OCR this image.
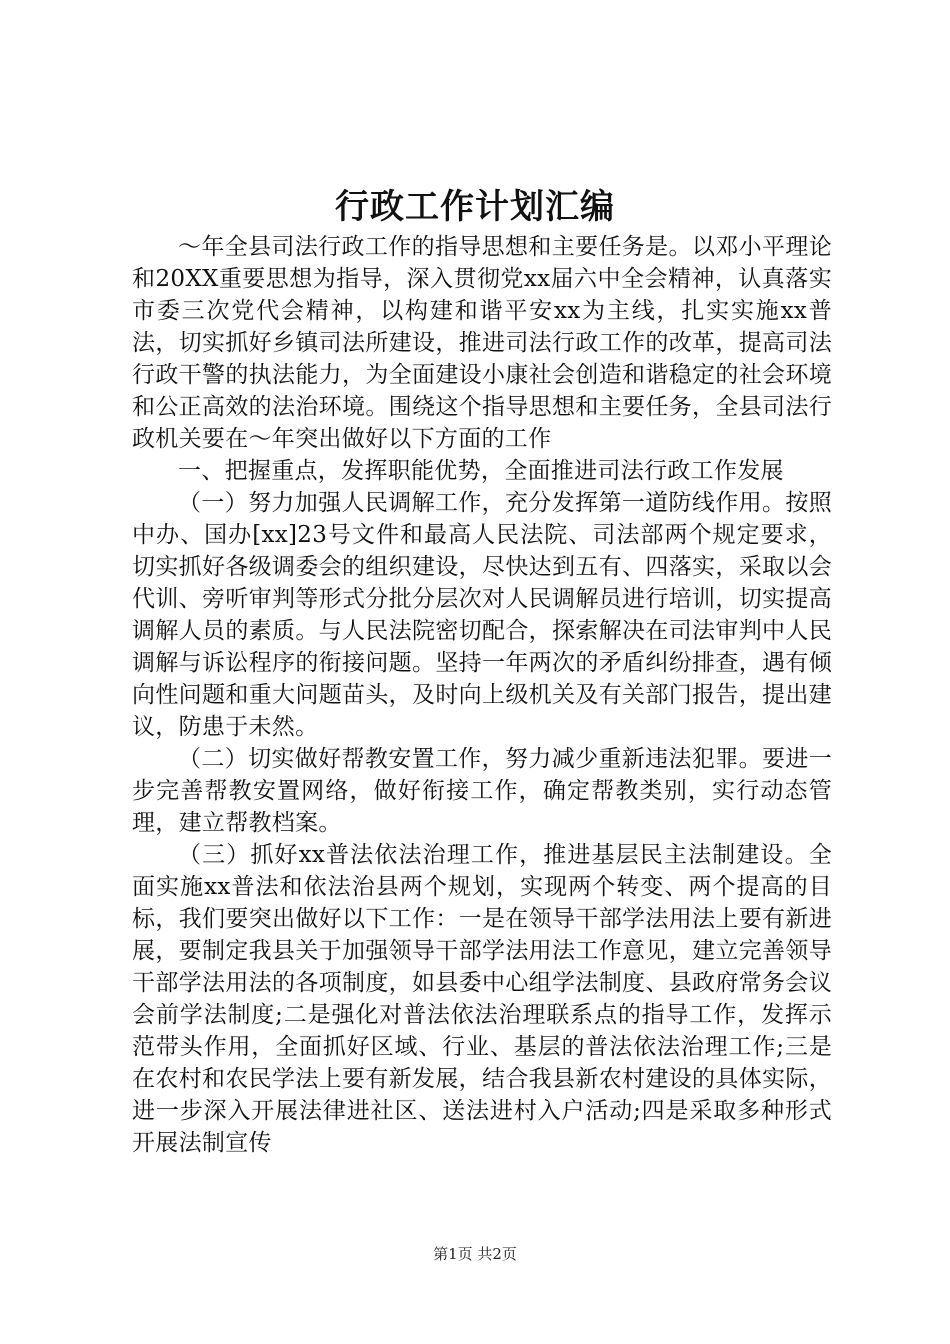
行政工作计划汇编

～年全县司法行政工作的指导思想和主要任务是。以邓小平理论和20XX重要思想为指导，深入贯彻党xx届六中全会精神，认真落实市委三次党代会精神，以构建和谐平安xx为主线，扎实实施xx普法，切实抓好乡镇司法所建设，推进司法行政工作的改革，提高司法行政干警的执法能力，为全面建设小康社会创造和谐稳定的社会环境和公正高效的法治环境。围绕这个指导思想和主要任务，全县司法行政机关要在～年突出做好以下方面的工作

一、把握重点，发挥职能优势，全面推进司法行政工作发展

（一）努力加强人民调解工作，充分发挥第一道防线作用。按照中办、国办[xx]23号文件和最高人民法院、司法部两个规定要求，切实抓好各级调委会的组织建设，尽快达到五有、四落实，采取以会代训、旁听审判等形式分批分层次对人民调解员进行培训，切实提高调解人员的素质。与人民法院密切配合，探索解决在司法审判中人民调解与诉讼程序的衔接问题。坚持一年两次的矛盾纠纷排查，遇有倾向性问题和重大问题苗头，及时向上级机关及有关部门报告，提出建议，防患于未然。

（二）切实做好帮教安置工作，努力减少重新违法犯罪。要进一步完善帮教安置网络，做好衔接工作，确定帮教类别，实行动态管理，建立帮教档案。

（三）抓好xx普法依法治理工作，推进基层民主法制建设。全面实施xx普法和依法治县两个规划，实现两个转变、两个提高的目标，我们要突出做好以下工作：一是在领导干部学法用法上要有新进展，要制定我县关于加强领导干部学法用法工作意见，建立完善领导干部学法用法的各项制度，如县委中心组学法制度、县政府常务会议会前学法制度;二是强化对普法依法治理联系点的指导工作，发挥示范带头作用，全面抓好区域、行业、基层的普法依法治理工作;三是在农村和农民学法上要有新发展，结合我县新农村建设的具体实际，进一步深入开展法律进社区、送法进村入户活动;四是采取多种形式开展法制宣传

第1页 共2页
